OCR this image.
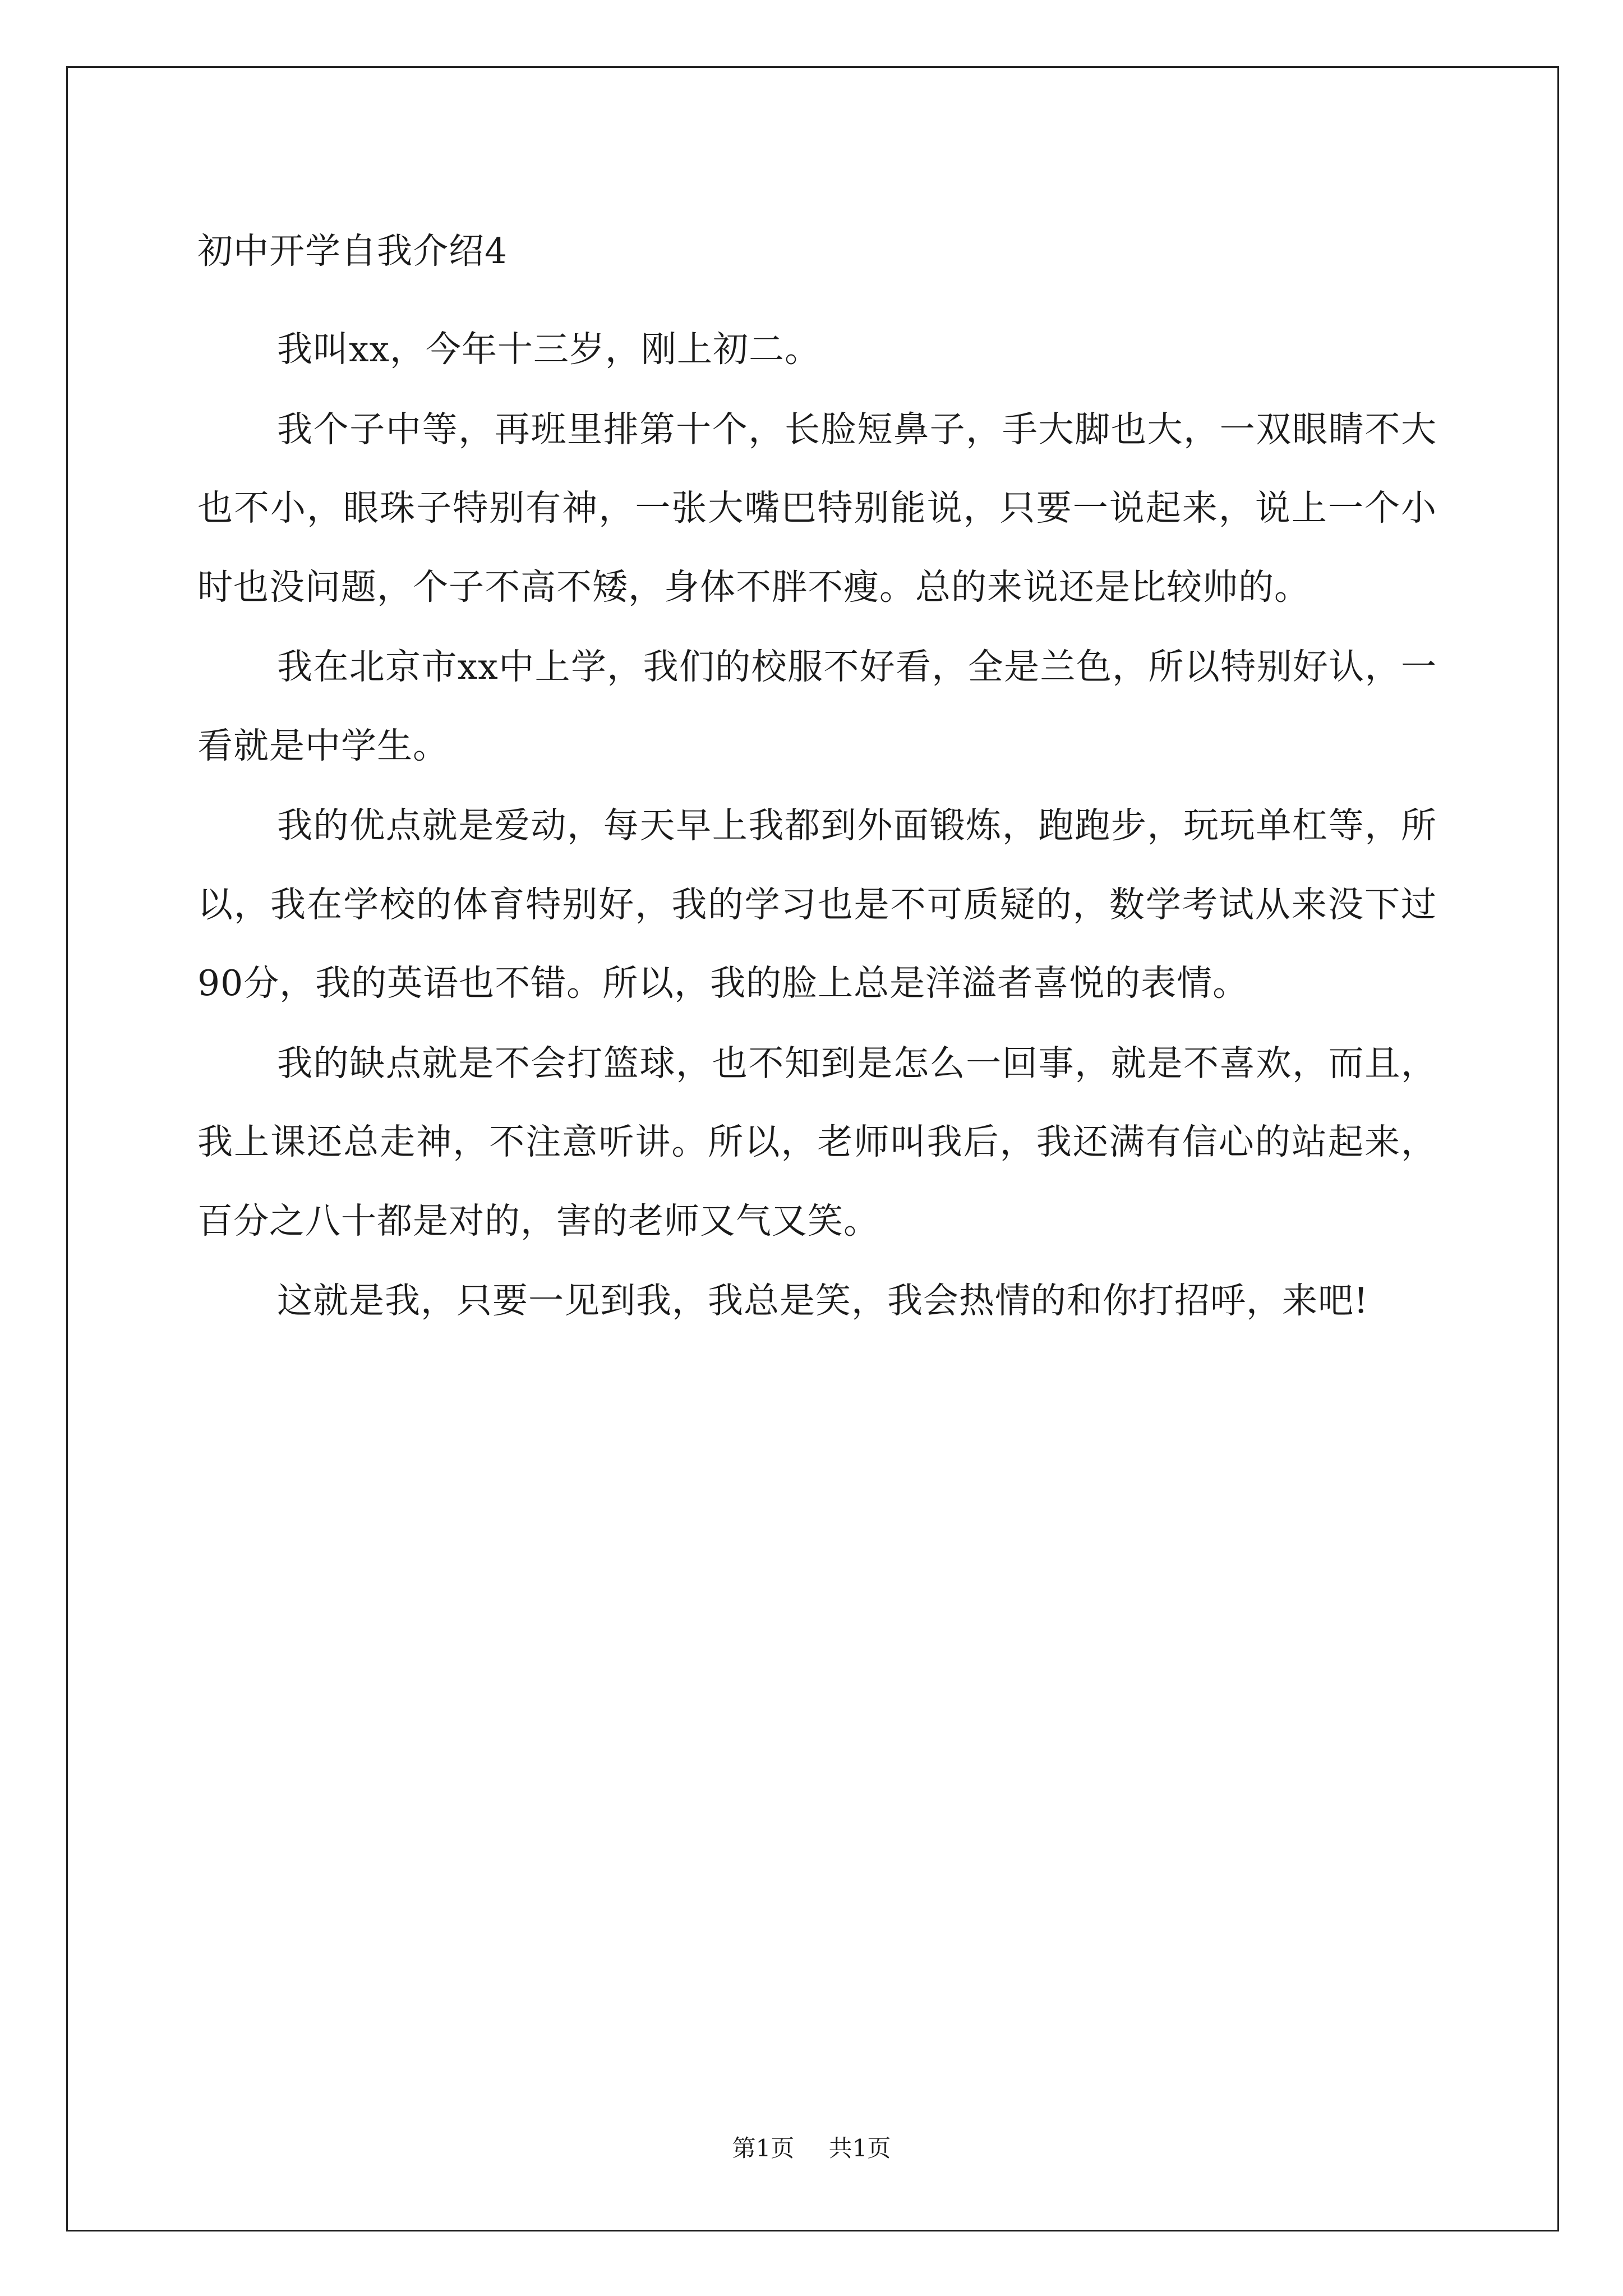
初中开学自我介绍4

我叫xx，今年十三岁，刚上初二。

我个子中等，再班里排第十个，长脸短鼻子，手大脚也大，一双眼睛不大也不小，眼珠子特别有神，一张大嘴巴特别能说，只要一说起来，说上一个小时也没问题，个子不高不矮，身体不胖不瘦。总的来说还是比较帅的。

我在北京市xx中上学，我们的校服不好看，全是兰色，所以特别好认，一看就是中学生。

我的优点就是爱动，每天早上我都到外面锻炼，跑跑步，玩玩单杠等，所以，我在学校的体育特别好，我的学习也是不可质疑的，数学考试从来没下过90分，我的英语也不错。所以，我的脸上总是洋溢者喜悦的表情。

我的缺点就是不会打篮球，也不知到是怎么一回事，就是不喜欢，而且，我上课还总走神，不注意听讲。所以，老师叫我后，我还满有信心的站起来，百分之八十都是对的，害的老师又气又笑。

这就是我，只要一见到我，我总是笑，我会热情的和你打招呼，来吧!

第1页 共1页
